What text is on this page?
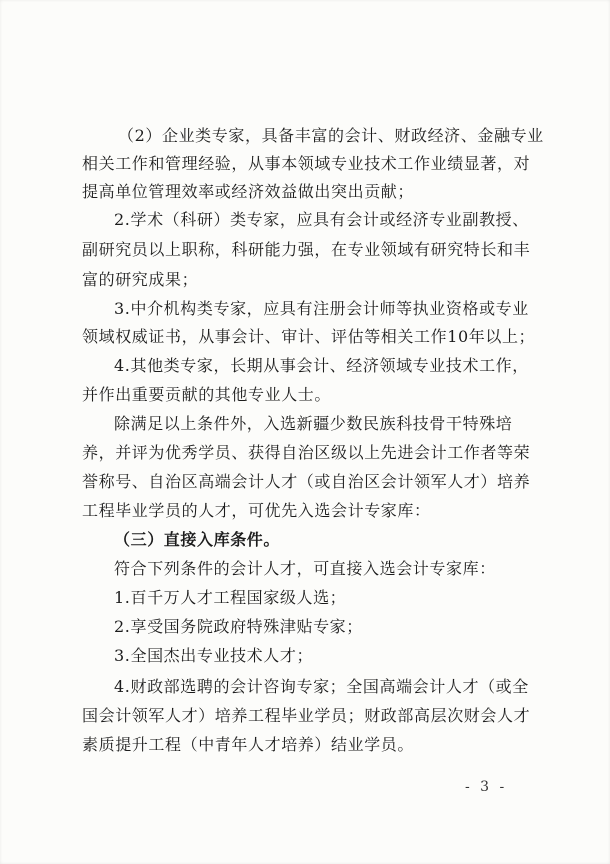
（2）企业类专家，具备丰富的会计、财政经济、金融专业
相关工作和管理经验，从事本领域专业技术工作业绩显著，对
提高单位管理效率或经济效益做出突出贡献；
2.学术（科研）类专家，应具有会计或经济专业副教授、
副研究员以上职称，科研能力强，在专业领域有研究特长和丰
富的研究成果；
3.中介机构类专家，应具有注册会计师等执业资格或专业
领域权威证书，从事会计、审计、评估等相关工作10年以上；
4.其他类专家，长期从事会计、经济领域专业技术工作，
并作出重要贡献的其他专业人士。
除满足以上条件外，入选新疆少数民族科技骨干特殊培
养，并评为优秀学员、获得自治区级以上先进会计工作者等荣
誉称号、自治区高端会计人才（或自治区会计领军人才）培养
工程毕业学员的人才，可优先入选会计专家库：
（三）直接入库条件。
符合下列条件的会计人才，可直接入选会计专家库：
1.百千万人才工程国家级人选；
2.享受国务院政府特殊津贴专家；
3.全国杰出专业技术人才；
4.财政部选聘的会计咨询专家；全国高端会计人才（或全
国会计领军人才）培养工程毕业学员；财政部高层次财会人才
素质提升工程（中青年人才培养）结业学员。
- 3 -
